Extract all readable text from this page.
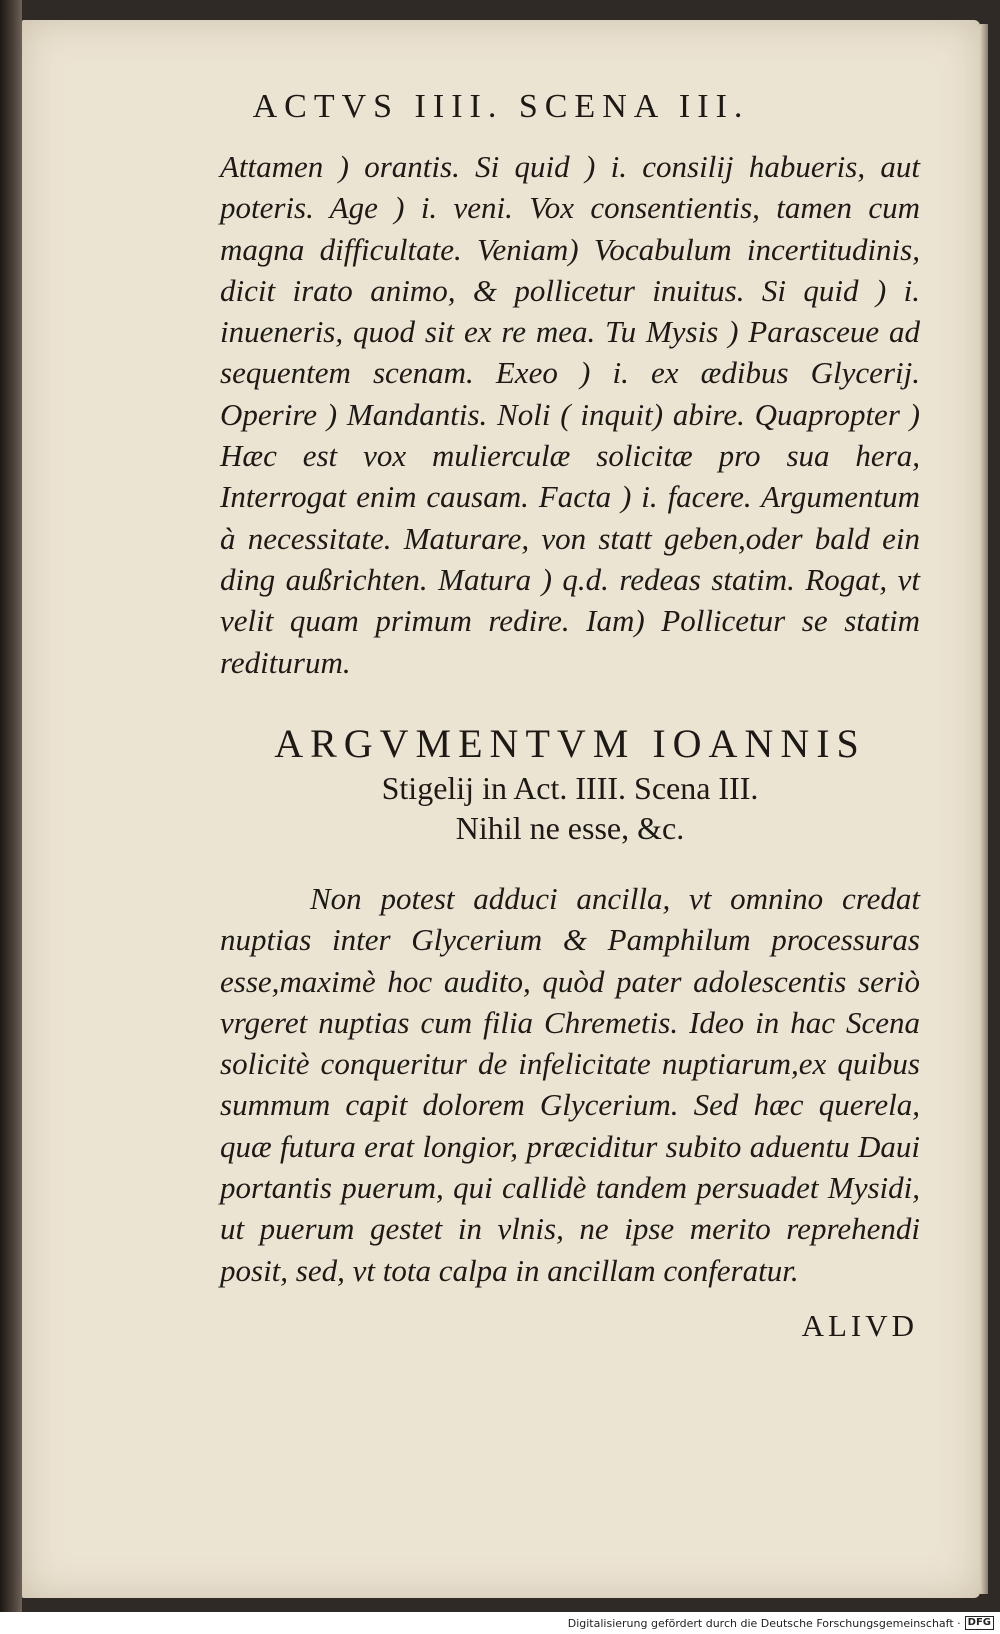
ACTVS IIII. SCENA III.
Attamen ) orantis. Si quid ) i. consilij habueris, aut poteris. Age ) i. veni. Vox consentientis, tamen cum magna difficultate. Veniam) Vocabulum incertitudinis, dicit irato animo, & pollicetur inuitus. Si quid ) i. inueneris, quod sit ex re mea. Tu Mysis ) Parasceue ad sequentem scenam. Exeo ) i. ex ædibus Glycerij. Operire ) Mandantis. Noli ( inquit) abire. Quapropter ) Hæc est vox mulierculæ solicitæ pro sua hera, Interrogat enim causam. Facta ) i. facere. Argumentum à necessitate. Maturare, von statt geben,oder bald ein ding außrichten. Matura ) q.d. redeas statim. Rogat, vt velit quam primum redire. Iam) Pollicetur se statim rediturum.
ARGVMENTVM IOANNIS
Stigelij in Act. IIII. Scena III.
Nihil ne esse, &c.
Non potest adduci ancilla, vt omnino credat nuptias inter Glycerium & Pamphilum processuras esse,maximè hoc audito, quòd pater adolescentis seriò vrgeret nuptias cum filia Chremetis. Ideo in hac Scena solicitè conqueritur de infelicitate nuptiarum,ex quibus summum capit dolorem Glycerium. Sed hæc querela, quæ futura erat longior, præciditur subito aduentu Daui portantis puerum, qui callidè tandem persuadet Mysidi, ut puerum gestet in vlnis, ne ipse merito reprehendi posit, sed, vt tota calpa in ancillam conferatur.
ALIVD
Digitalisierung gefördert durch die Deutsche Forschungsgemeinschaft · DFG
